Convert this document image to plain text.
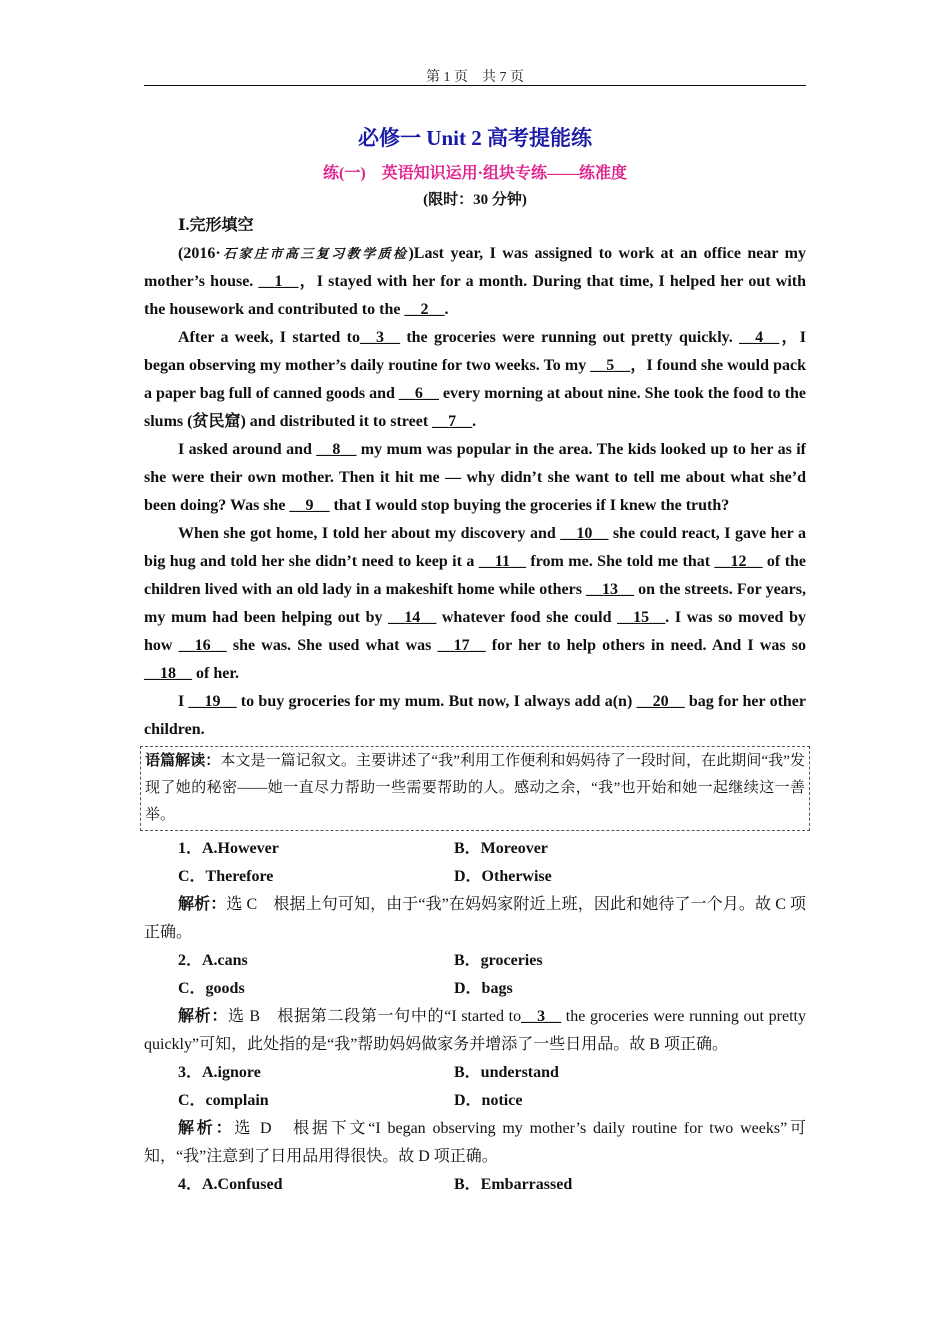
第 1 页　共 7 页
必修一 Unit 2 高考提能练
练(一) 英语知识运用·组块专练——练准度
(限时：30 分钟)
Ⅰ.完形填空

(2016·石家庄市高三复习教学质检)Last year, I was assigned to work at an office near my mother’s house. __1__，I stayed with her for a month. During that time, I helped her out with the housework and contributed to the __2__.

After a week, I started to__3__ the groceries were running out pretty quickly. __4__，I began observing my mother’s daily routine for two weeks. To my __5__，I found she would pack a paper bag full of canned goods and __6__ every morning at about nine. She took the food to the slums (贫民窟) and distributed it to street __7__.

I asked around and __8__ my mum was popular in the area. The kids looked up to her as if she were their own mother. Then it hit me — why didn’t she want to tell me about what she’d been doing? Was she __9__ that I would stop buying the groceries if I knew the truth?

When she got home, I told her about my discovery and __10__ she could react, I gave her a big hug and told her she didn’t need to keep it a __11__ from me. She told me that __12__ of the children lived with an old lady in a makeshift home while others __13__ on the streets. For years, my mum had been helping out by __14__ whatever food she could __15__. I was so moved by how __16__ she was. She used what was __17__ for her to help others in need. And I was so __18__ of her.

I __19__ to buy groceries for my mum. But now, I always add a(n) __20__ bag for her other children.

语篇解读：本文是一篇记叙文。主要讲述了“我”利用工作便利和妈妈待了一段时间，在此期间“我”发现了她的秘密——她一直尽力帮助一些需要帮助的人。感动之余，“我”也开始和她一起继续这一善举。
1．A.However	B．Moreover
C．Therefore	D．Otherwise

解析：选 C　根据上句可知，由于“我”在妈妈家附近上班，因此和她待了一个月。故 C 项正确。

2．A.cans	B．groceries
C．goods	D．bags

解析：选 B　根据第二段第一句中的“I started to__3__ the groceries were running out pretty quickly”可知，此处指的是“我”帮助妈妈做家务并增添了一些日用品。故 B 项正确。

3．A.ignore	B．understand
C．complain	D．notice

解析：选 D　根据下文“I began observing my mother’s daily routine for two weeks”可知，“我”注意到了日用品用得很快。故 D 项正确。

4．A.Confused	B．Embarrassed
